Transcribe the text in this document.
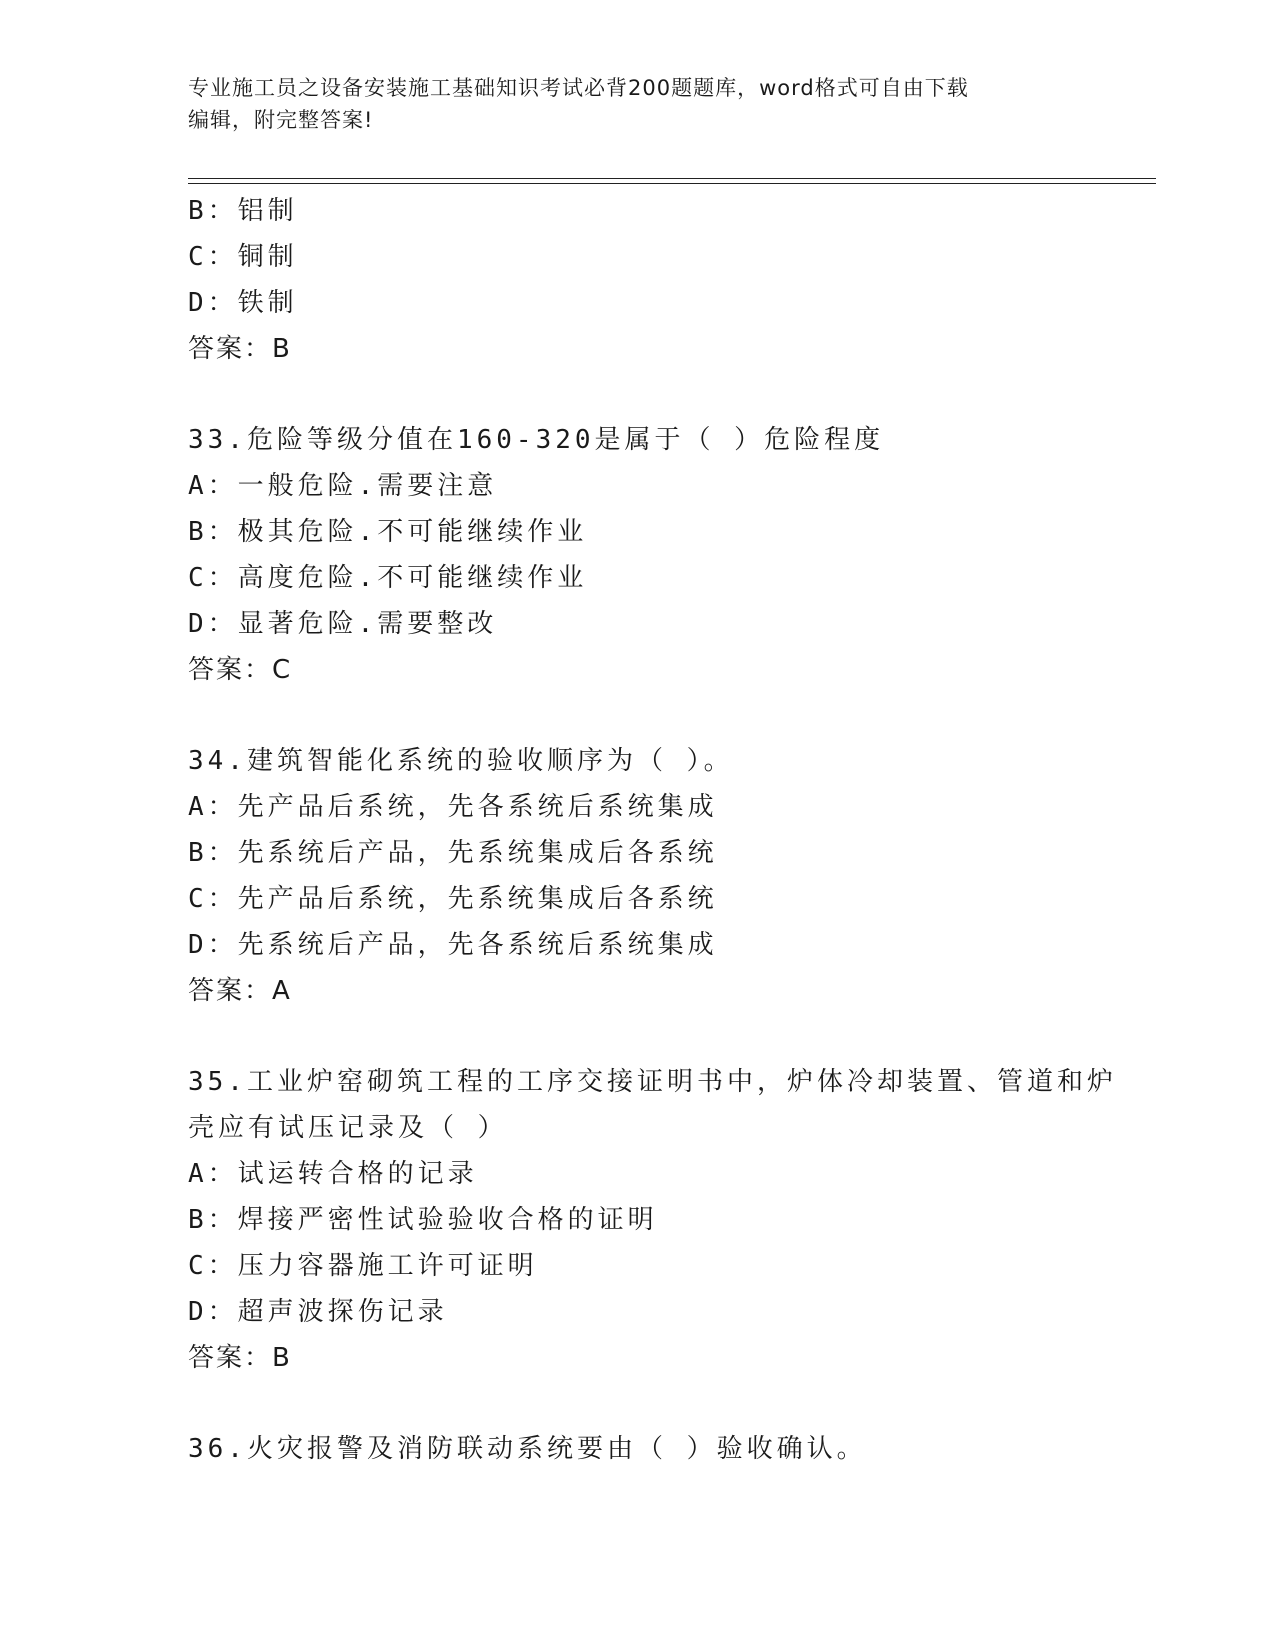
专业施工员之设备安装施工基础知识考试必背200题题库，word格式可自由下载
编辑，附完整答案!
B：铝制
C：铜制
D：铁制
答案：B
33.危险等级分值在160-320是属于（ ）危险程度
A：一般危险.需要注意
B：极其危险.不可能继续作业
C：高度危险.不可能继续作业
D：显著危险.需要整改
答案：C
34.建筑智能化系统的验收顺序为（ ）。
A：先产品后系统，先各系统后系统集成
B：先系统后产品，先系统集成后各系统
C：先产品后系统，先系统集成后各系统
D：先系统后产品，先各系统后系统集成
答案：A
35.工业炉窑砌筑工程的工序交接证明书中，炉体冷却装置、管道和炉
壳应有试压记录及（ ）
A：试运转合格的记录
B：焊接严密性试验验收合格的证明
C：压力容器施工许可证明
D：超声波探伤记录
答案：B
36.火灾报警及消防联动系统要由（ ）验收确认。
